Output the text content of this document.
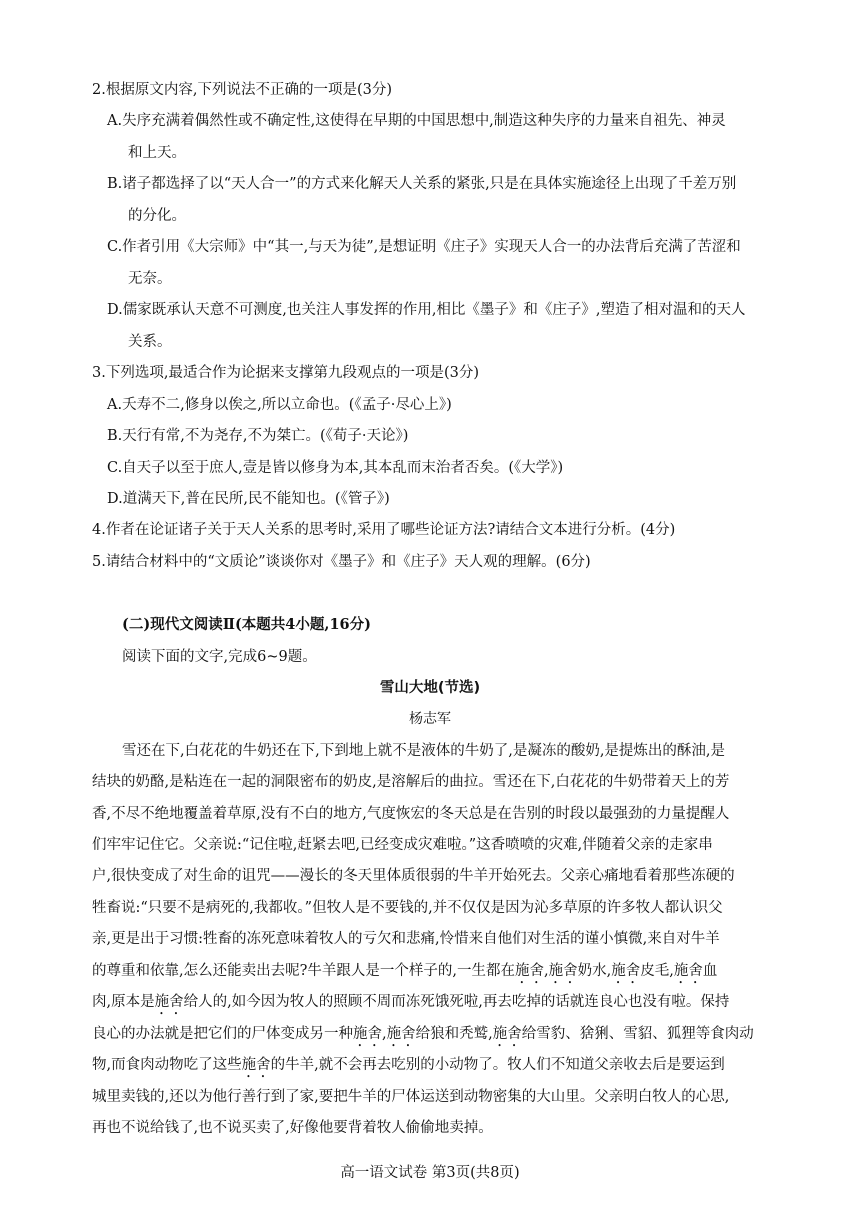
2.根据原文内容,下列说法不正确的一项是(3分)
A.失序充满着偶然性或不确定性,这使得在早期的中国思想中,制造这种失序的力量来自祖先、神灵
和上天。
B.诸子都选择了以“天人合一”的方式来化解天人关系的紧张,只是在具体实施途径上出现了千差万别
的分化。
C.作者引用《大宗师》中“其一,与天为徒”,是想证明《庄子》实现天人合一的办法背后充满了苦涩和
无奈。
D.儒家既承认天意不可测度,也关注人事发挥的作用,相比《墨子》和《庄子》,塑造了相对温和的天人
关系。
3.下列选项,最适合作为论据来支撑第九段观点的一项是(3分)
A.夭寿不二,修身以俟之,所以立命也。(《孟子·尽心上》)
B.天行有常,不为尧存,不为桀亡。(《荀子·天论》)
C.自天子以至于庶人,壹是皆以修身为本,其本乱而末治者否矣。(《大学》)
D.道满天下,普在民所,民不能知也。(《管子》)
4.作者在论证诸子关于天人关系的思考时,采用了哪些论证方法?请结合文本进行分析。(4分)
5.请结合材料中的“文质论”谈谈你对《墨子》和《庄子》天人观的理解。(6分)
(二)现代文阅读Ⅱ(本题共4小题,16分)
阅读下面的文字,完成6~9题。
雪山大地(节选)
杨志军
雪还在下,白花花的牛奶还在下,下到地上就不是液体的牛奶了,是凝冻的酸奶,是提炼出的酥油,是
结块的奶酪,是粘连在一起的洞限密布的奶皮,是溶解后的曲拉。雪还在下,白花花的牛奶带着天上的芳
香,不尽不绝地覆盖着草原,没有不白的地方,气度恢宏的冬天总是在告别的时段以最强劲的力量提醒人
们牢牢记住它。父亲说:“记住啦,赶紧去吧,已经变成灾难啦。”这香喷喷的灾难,伴随着父亲的走家串
户,很快变成了对生命的诅咒——漫长的冬天里体质很弱的牛羊开始死去。父亲心痛地看着那些冻硬的
牲畜说:“只要不是病死的,我都收。”但牧人是不要钱的,并不仅仅是因为沁多草原的许多牧人都认识父
亲,更是出于习惯:牲畜的冻死意味着牧人的亏欠和悲痛,怜惜来自他们对生活的谨小慎微,来自对牛羊
的尊重和依靠,怎么还能卖出去呢?牛羊跟人是一个样子的,一生都在施舍,施舍奶水,施舍皮毛,施舍血
肉,原本是施舍给人的,如今因为牧人的照顾不周而冻死饿死啦,再去吃掉的话就连良心也没有啦。保持
良心的办法就是把它们的尸体变成另一种施舍,施舍给狼和秃鹫,施舍给雪豹、猞猁、雪貂、狐狸等食肉动
物,而食肉动物吃了这些施舍的牛羊,就不会再去吃别的小动物了。牧人们不知道父亲收去后是要运到
城里卖钱的,还以为他行善行到了家,要把牛羊的尸体运送到动物密集的大山里。父亲明白牧人的心思,
再也不说给钱了,也不说买卖了,好像他要背着牧人偷偷地卖掉。
高一语文试卷 第3页(共8页)
